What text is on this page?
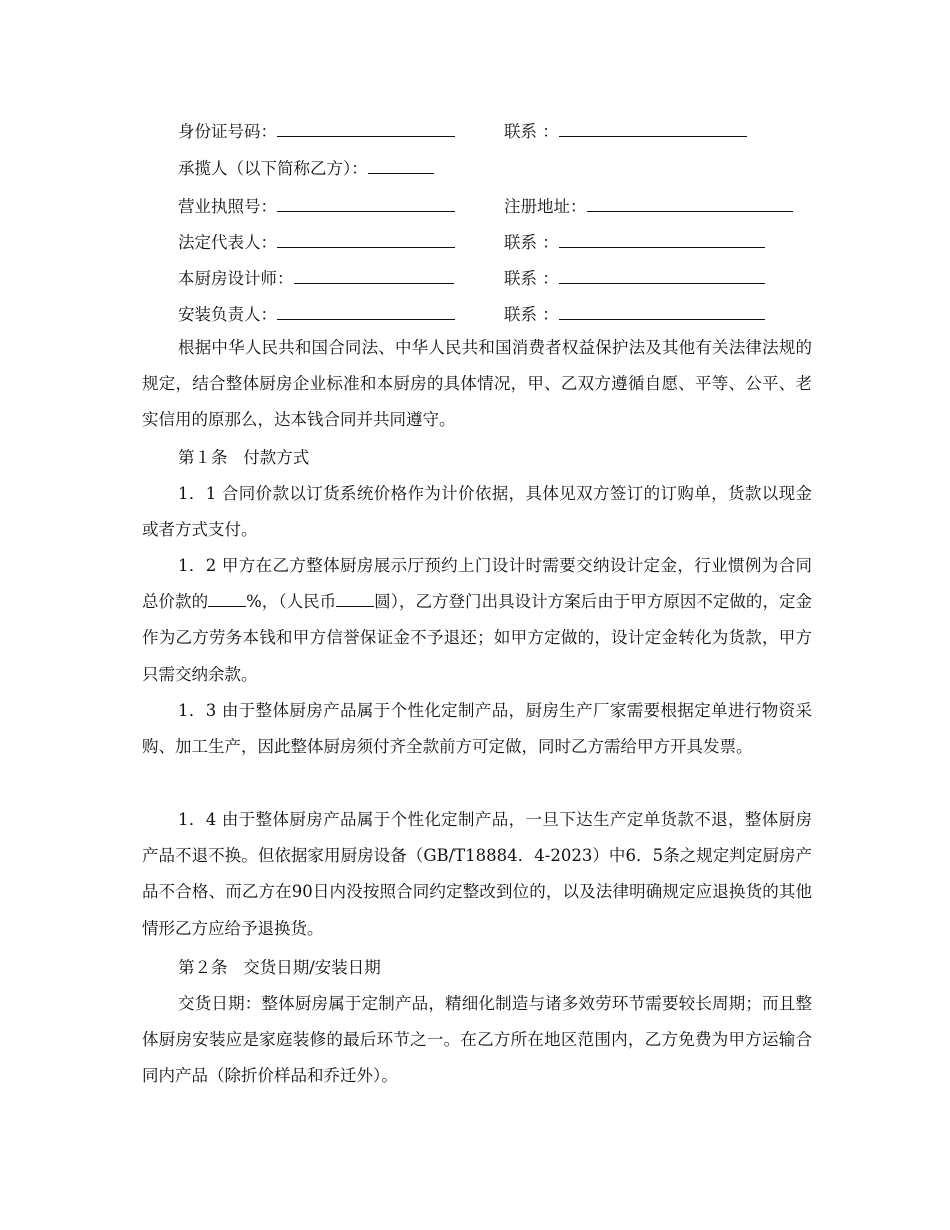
身份证号码：	联系 ：
承揽人（以下简称乙方）：
营业执照号：	注册地址：
法定代表人：	联系 ：
本厨房设计师：	联系 ：
安装负责人：	联系 ：

根据中华人民共和国合同法、中华人民共和国消费者权益保护法及其他有关法律法规的规定，结合整体厨房企业标准和本厨房的具体情况，甲、乙双方遵循自愿、平等、公平、老实信用的原那么，达本钱合同并共同遵守。

第１条   付款方式

1．1 合同价款以订货系统价格作为计价依据，具体见双方签订的订购单，货款以现金或者方式支付。

1．2 甲方在乙方整体厨房展示厅预约上门设计时需要交纳设计定金，行业惯例为合同总价款的 %，（人民币 圆），乙方登门出具设计方案后由于甲方原因不定做的，定金作为乙方劳务本钱和甲方信誉保证金不予退还；如甲方定做的，设计定金转化为货款，甲方只需交纳余款。

1．3 由于整体厨房产品属于个性化定制产品，厨房生产厂家需要根据定单进行物资采购、加工生产，因此整体厨房须付齐全款前方可定做，同时乙方需给甲方开具发票。

1．4 由于整体厨房产品属于个性化定制产品，一旦下达生产定单货款不退，整体厨房产品不退不换。但依据家用厨房设备（GB/T18884．4-2023）中6．5条之规定判定厨房产品不合格、而乙方在90日内没按照合同约定整改到位的，以及法律明确规定应退换货的其他情形乙方应给予退换货。

第２条   交货日期/安装日期

交货日期：整体厨房属于定制产品，精细化制造与诸多效劳环节需要较长周期；而且整体厨房安装应是家庭装修的最后环节之一。在乙方所在地区范围内，乙方免费为甲方运输合同内产品（除折价样品和乔迁外）。
